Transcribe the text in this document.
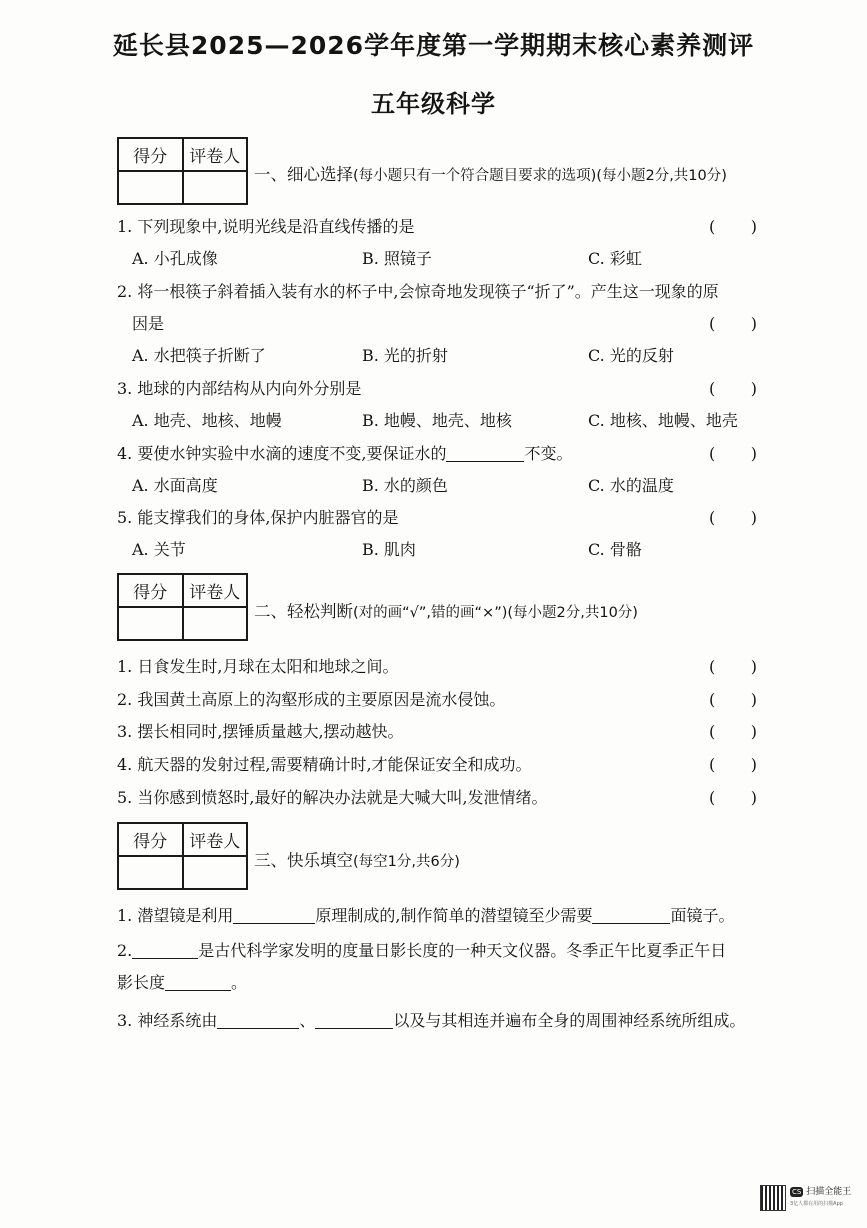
延长县2025—2026学年度第一学期期末核心素养测评
五年级科学
得分	评卷人

一、细心选择(每小题只有一个符合题目要求的选项)(每小题2分,共10分)
1. 下列现象中,说明光线是沿直线传播的是	( )
A. 小孔成像	B. 照镜子	C. 彩虹
2. 将一根筷子斜着插入装有水的杯子中,会惊奇地发现筷子“折了”。产生这一现象的原
因是	( )
A. 水把筷子折断了	B. 光的折射	C. 光的反射
3. 地球的内部结构从内向外分别是	( )
A. 地壳、地核、地幔	B. 地幔、地壳、地核	C. 地核、地幔、地壳
4. 要使水钟实验中水滴的速度不变,要保证水的	不变。	( )
A. 水面高度	B. 水的颜色	C. 水的温度
5. 能支撑我们的身体,保护内脏器官的是	( )
A. 关节	B. 肌肉	C. 骨骼
得分	评卷人

二、轻松判断(对的画“√”,错的画“×”)(每小题2分,共10分)
1. 日食发生时,月球在太阳和地球之间。	( )
2. 我国黄土高原上的沟壑形成的主要原因是流水侵蚀。	( )
3. 摆长相同时,摆锤质量越大,摆动越快。	( )
4. 航天器的发射过程,需要精确计时,才能保证安全和成功。	( )
5. 当你感到愤怒时,最好的解决办法就是大喊大叫,发泄情绪。	( )
得分	评卷人

三、快乐填空(每空1分,共6分)
1. 潜望镜是利用	原理制成的,制作简单的潜望镜至少需要	面镜子。
2.	是古代科学家发明的度量日影长度的一种天文仪器。冬季正午比夏季正午日
影长度	。
3. 神经系统由	、	以及与其相连并遍布全身的周围神经系统所组成。
CS 扫描全能王
3亿人都在用的扫描App
